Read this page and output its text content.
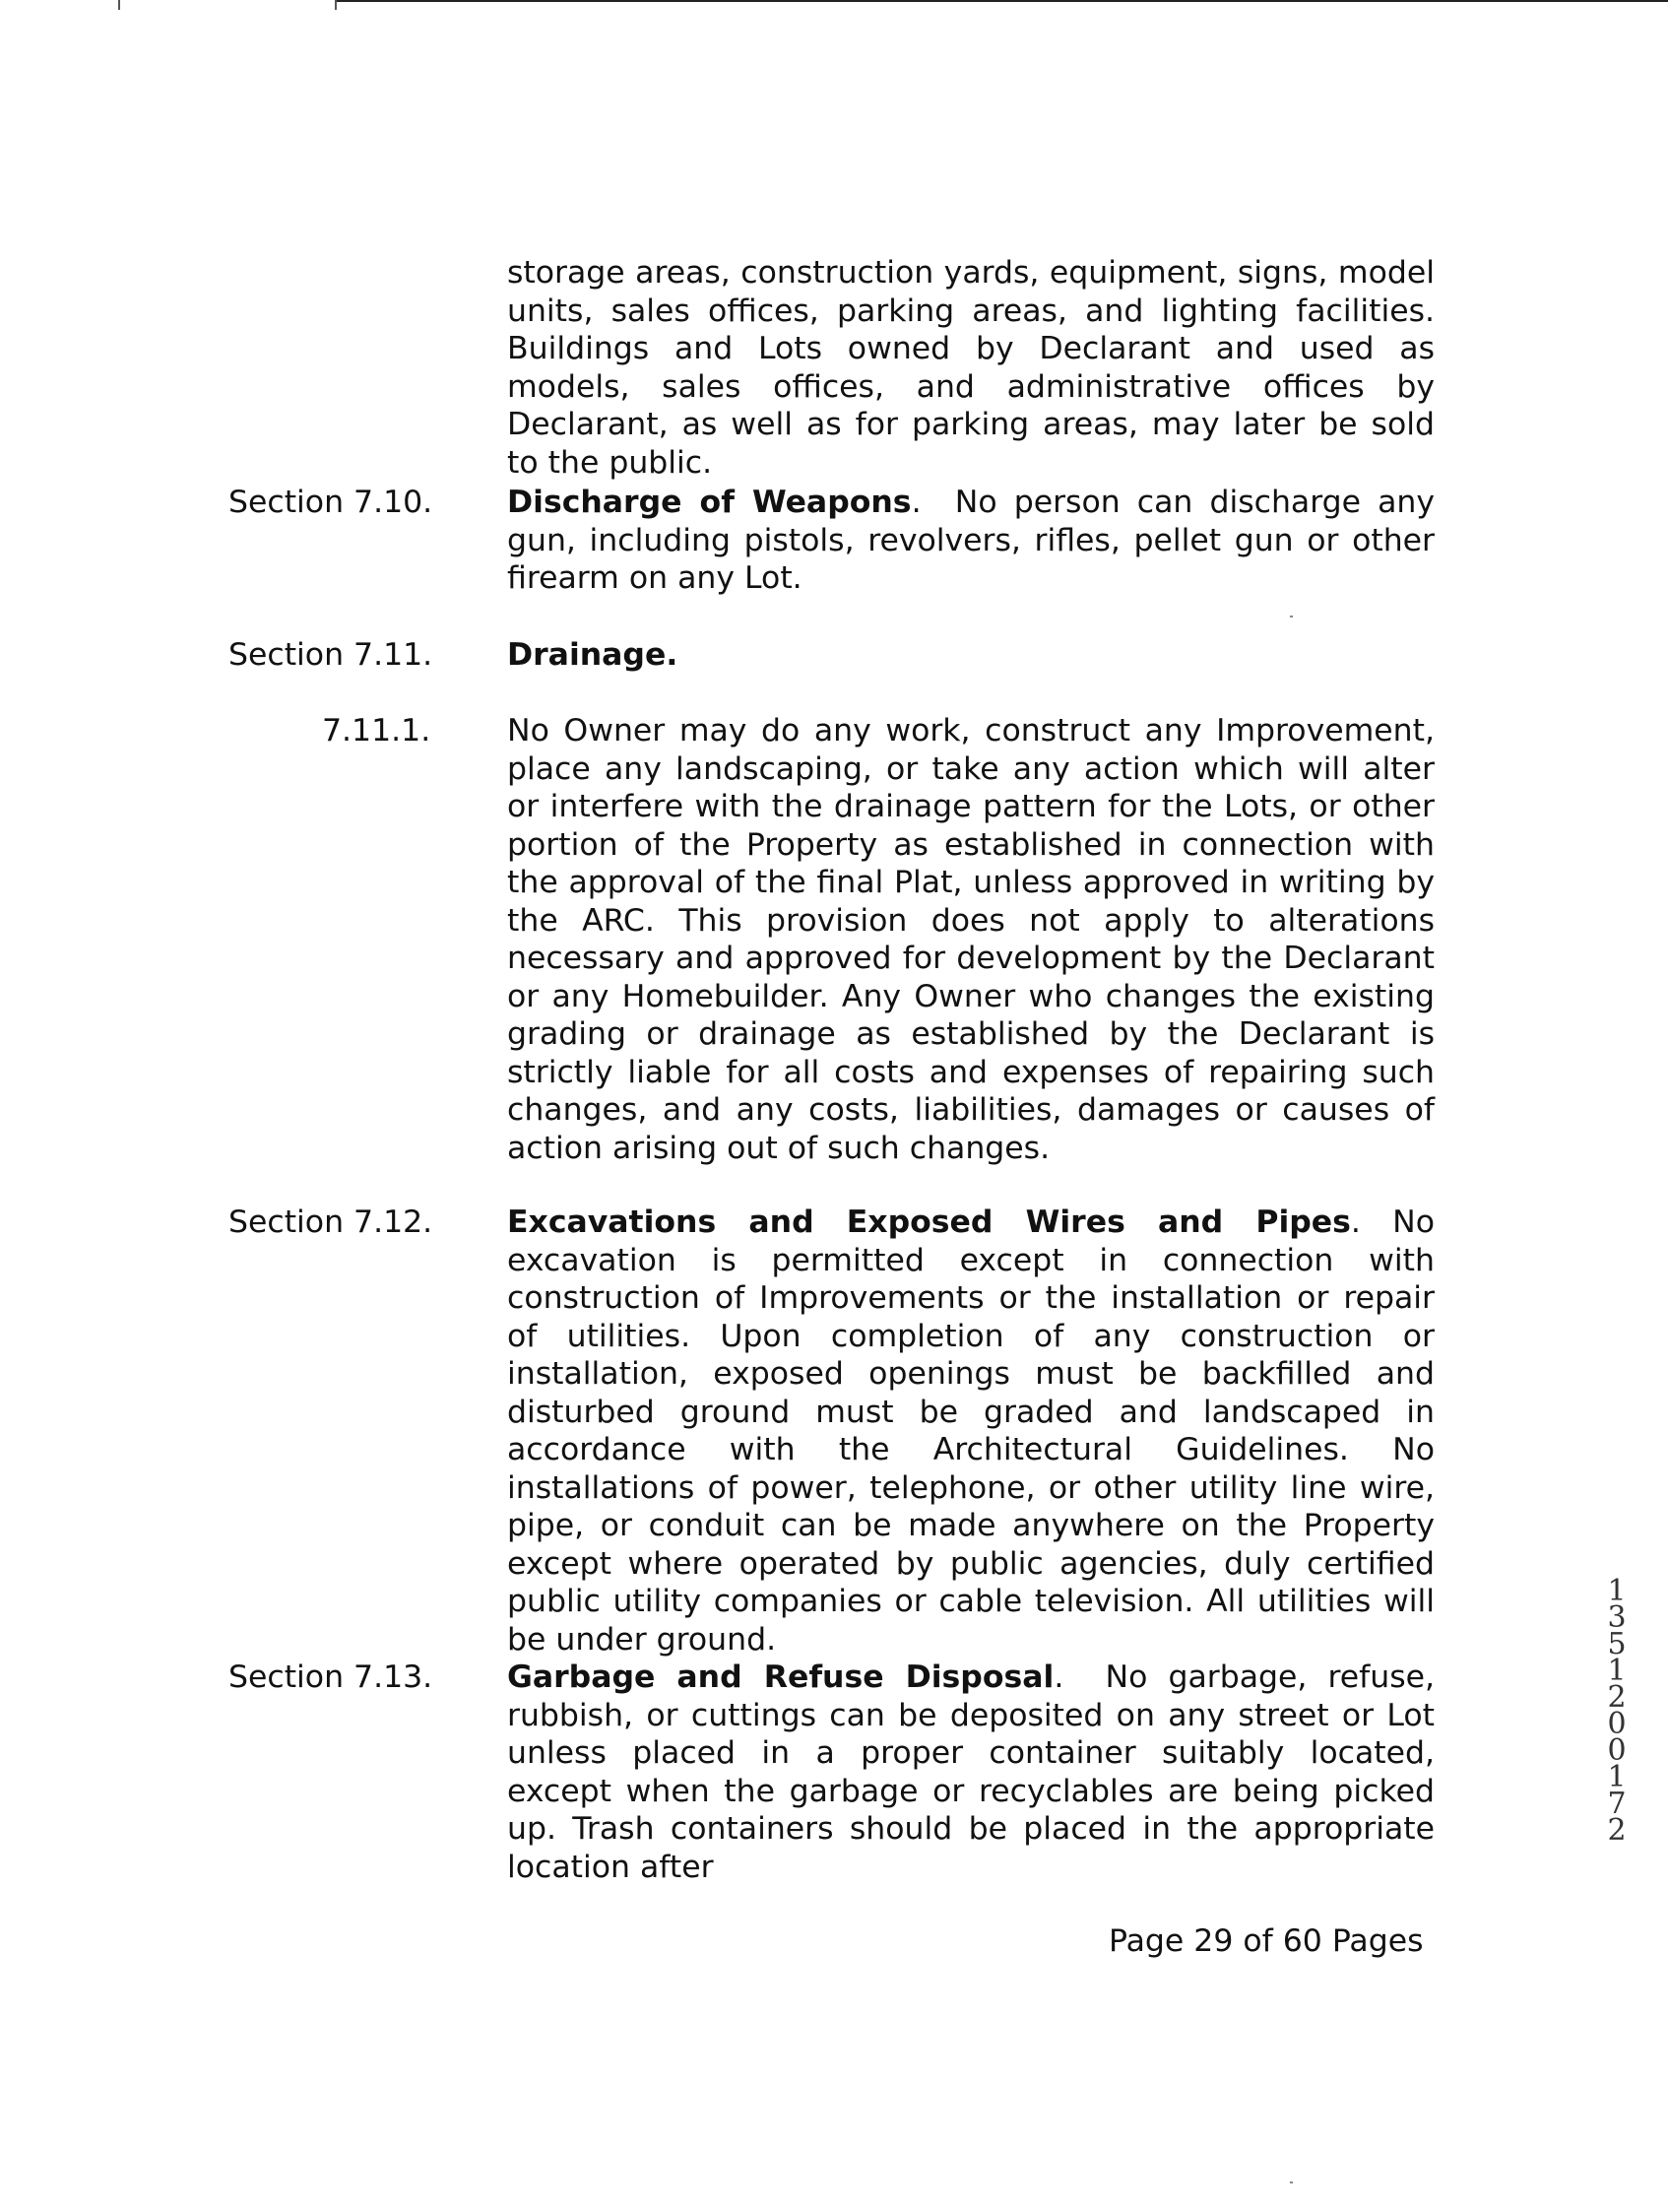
storage areas, construction yards, equipment, signs, model units, sales offices, parking areas, and lighting facilities. Buildings and Lots owned by Declarant and used as models, sales offices, and administrative offices by Declarant, as well as for parking areas, may later be sold to the public.

Section 7.10. Discharge of Weapons. No person can discharge any gun, including pistols, revolvers, rifles, pellet gun or other firearm on any Lot.

Section 7.11. Drainage.

7.11.1. No Owner may do any work, construct any Improvement, place any landscaping, or take any action which will alter or interfere with the drainage pattern for the Lots, or other portion of the Property as established in connection with the approval of the final Plat, unless approved in writing by the ARC. This provision does not apply to alterations necessary and approved for development by the Declarant or any Homebuilder. Any Owner who changes the existing grading or drainage as established by the Declarant is strictly liable for all costs and expenses of repairing such changes, and any costs, liabilities, damages or causes of action arising out of such changes.

Section 7.12. Excavations and Exposed Wires and Pipes. No excavation is permitted except in connection with construction of Improvements or the installation or repair of utilities. Upon completion of any construction or installation, exposed openings must be backfilled and disturbed ground must be graded and landscaped in accordance with the Architectural Guidelines. No installations of power, telephone, or other utility line wire, pipe, or conduit can be made anywhere on the Property except where operated by public agencies, duly certified public utility companies or cable television. All utilities will be under ground.

Section 7.13. Garbage and Refuse Disposal. No garbage, refuse, rubbish, or cuttings can be deposited on any street or Lot unless placed in a proper container suitably located, except when the garbage or recyclables are being picked up. Trash containers should be placed in the appropriate location after

Page 29 of 60 Pages
13512 00172
